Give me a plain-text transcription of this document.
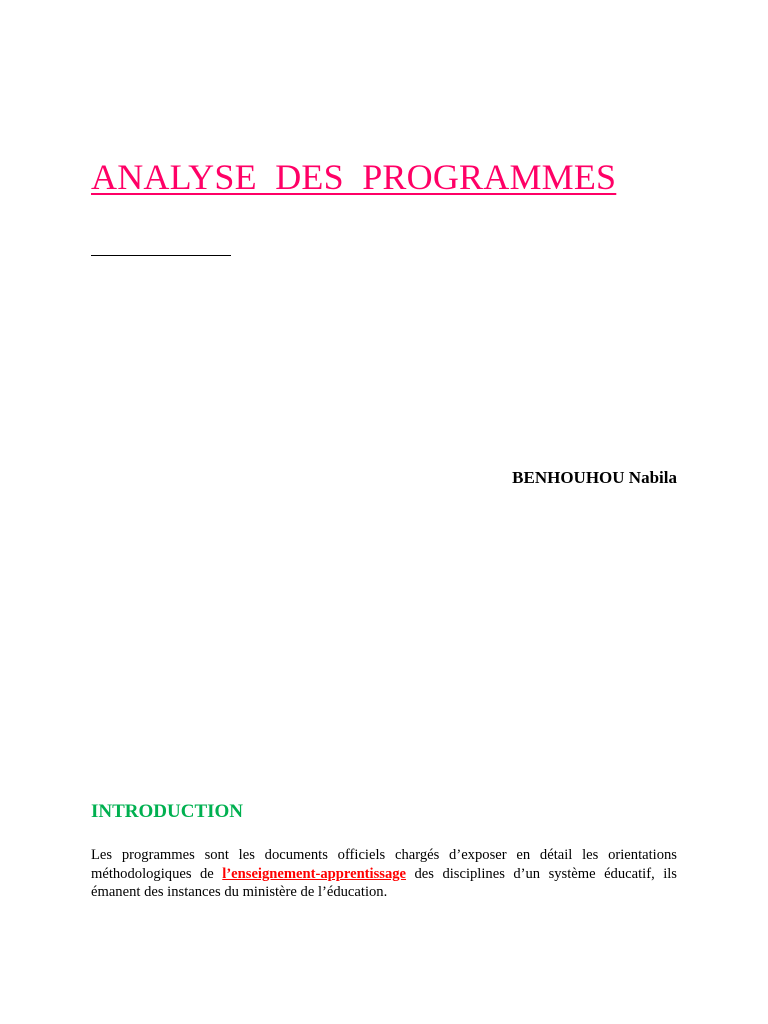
ANALYSE  DES  PROGRAMMES

BENHOUHOU Nabila

INTRODUCTION

Les programmes sont les documents officiels chargés d’exposer en détail les orientations méthodologiques de l’enseignement-apprentissage des disciplines d’un système éducatif, ils émanent des instances du ministère de l’éducation.
